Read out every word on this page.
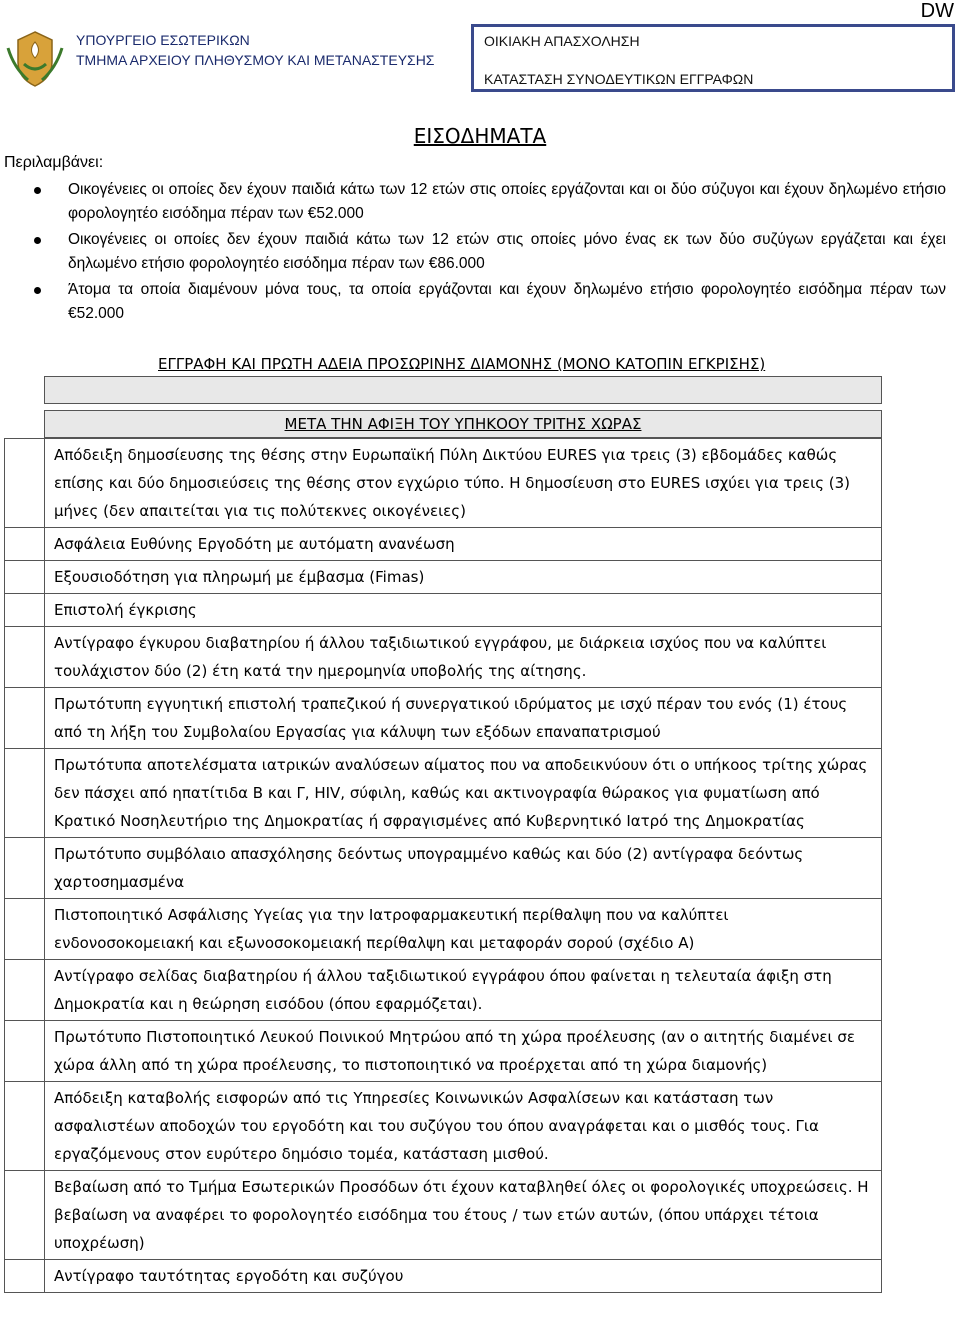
DW
ΥΠΟΥΡΓΕΙΟ ΕΣΩΤΕΡΙΚΩΝ
ΤΜΗΜΑ ΑΡΧΕΙΟΥ ΠΛΗΘΥΣΜΟΥ ΚΑΙ ΜΕΤΑΝΑΣΤΕΥΣΗΣ
ΟΙΚΙΑΚΗ ΑΠΑΣΧΟΛΗΣΗ
ΚΑΤΑΣΤΑΣΗ ΣΥΝΟΔΕΥΤΙΚΩΝ ΕΓΓΡΑΦΩΝ
ΕΙΣΟΔΗΜΑΤΑ
Περιλαμβάνει:
Οικογένειες οι οποίες δεν έχουν παιδιά κάτω των 12 ετών στις οποίες εργάζονται και οι δύο σύζυγοι και έχουν δηλωμένο ετήσιο φορολογητέο εισόδημα πέραν των €52.000
Οικογένειες οι οποίες δεν έχουν παιδιά κάτω των 12 ετών στις οποίες μόνο ένας εκ των δύο συζύγων εργάζεται και έχει δηλωμένο ετήσιο φορολογητέο εισόδημα πέραν των €86.000
Άτομα τα οποία διαμένουν μόνα τους, τα οποία εργάζονται και έχουν δηλωμένο ετήσιο φορολογητέο εισόδημα πέραν των €52.000
ΕΓΓΡΑΦΗ ΚΑΙ ΠΡΩΤΗ ΑΔΕΙΑ ΠΡΟΣΩΡΙΝΗΣ ΔΙΑΜΟΝΗΣ (ΜΟΝΟ ΚΑΤΟΠΙΝ ΕΓΚΡΙΣΗΣ)
ΜΕΤΑ ΤΗΝ ΑΦΙΞΗ ΤΟΥ ΥΠΗΚΟΟΥ ΤΡΙΤΗΣ ΧΩΡΑΣ
	Απόδειξη δημοσίευσης της θέσης στην Ευρωπαϊκή Πύλη Δικτύου EURES για τρεις (3) εβδομάδες καθώς επίσης και δύο δημοσιεύσεις της θέσης στον εγχώριο τύπο. Η δημοσίευση στο EURES ισχύει για τρεις (3) μήνες (δεν απαιτείται για τις πολύτεκνες οικογένειες)
	Ασφάλεια Ευθύνης Εργοδότη με αυτόματη ανανέωση
	Εξουσιοδότηση για πληρωμή με έμβασμα (Fimas)
	Επιστολή έγκρισης
	Αντίγραφο έγκυρου διαβατηρίου ή άλλου ταξιδιωτικού εγγράφου, με διάρκεια ισχύος που να καλύπτει τουλάχιστον δύο (2) έτη κατά την ημερομηνία υποβολής της αίτησης.
	Πρωτότυπη εγγυητική επιστολή τραπεζικού ή συνεργατικού ιδρύματος με ισχύ πέραν του ενός (1) έτους από τη λήξη του Συμβολαίου Εργασίας για κάλυψη των εξόδων επαναπατρισμού
	Πρωτότυπα αποτελέσματα ιατρικών αναλύσεων αίματος που να αποδεικνύουν ότι ο υπήκοος τρίτης χώρας δεν πάσχει από ηπατίτιδα Β και Γ, HIV, σύφιλη, καθώς και ακτινογραφία θώρακος για φυματίωση από Κρατικό Νοσηλευτήριο της Δημοκρατίας ή σφραγισμένες από Κυβερνητικό Ιατρό της Δημοκρατίας
	Πρωτότυπο συμβόλαιο απασχόλησης δεόντως υπογραμμένο καθώς και δύο (2) αντίγραφα δεόντως χαρτοσημασμένα
	Πιστοποιητικό Ασφάλισης Υγείας για την Ιατροφαρμακευτική περίθαλψη που να καλύπτει ενδονοσοκομειακή και εξωνοσοκομειακή περίθαλψη και μεταφοράν σορού (σχέδιο Α)
	Αντίγραφο σελίδας διαβατηρίου ή άλλου ταξιδιωτικού εγγράφου όπου φαίνεται η τελευταία άφιξη στη Δημοκρατία και η θεώρηση εισόδου (όπου εφαρμόζεται).
	Πρωτότυπο Πιστοποιητικό Λευκού Ποινικού Μητρώου από τη χώρα προέλευσης (αν ο αιτητής διαμένει σε χώρα άλλη από τη χώρα προέλευσης, το πιστοποιητικό να προέρχεται από τη χώρα διαμονής)
	Απόδειξη καταβολής εισφορών από τις Υπηρεσίες Κοινωνικών Ασφαλίσεων και κατάσταση των ασφαλιστέων αποδοχών του εργοδότη και του συζύγου του όπου αναγράφεται και ο μισθός τους. Για εργαζόμενους στον ευρύτερο δημόσιο τομέα, κατάσταση μισθού.
	Βεβαίωση από το Τμήμα Εσωτερικών Προσόδων ότι έχουν καταβληθεί όλες οι φορολογικές υποχρεώσεις. Η βεβαίωση να αναφέρει το φορολογητέο εισόδημα του έτους / των ετών αυτών, (όπου υπάρχει τέτοια υποχρέωση)
	Αντίγραφο ταυτότητας εργοδότη και συζύγου
